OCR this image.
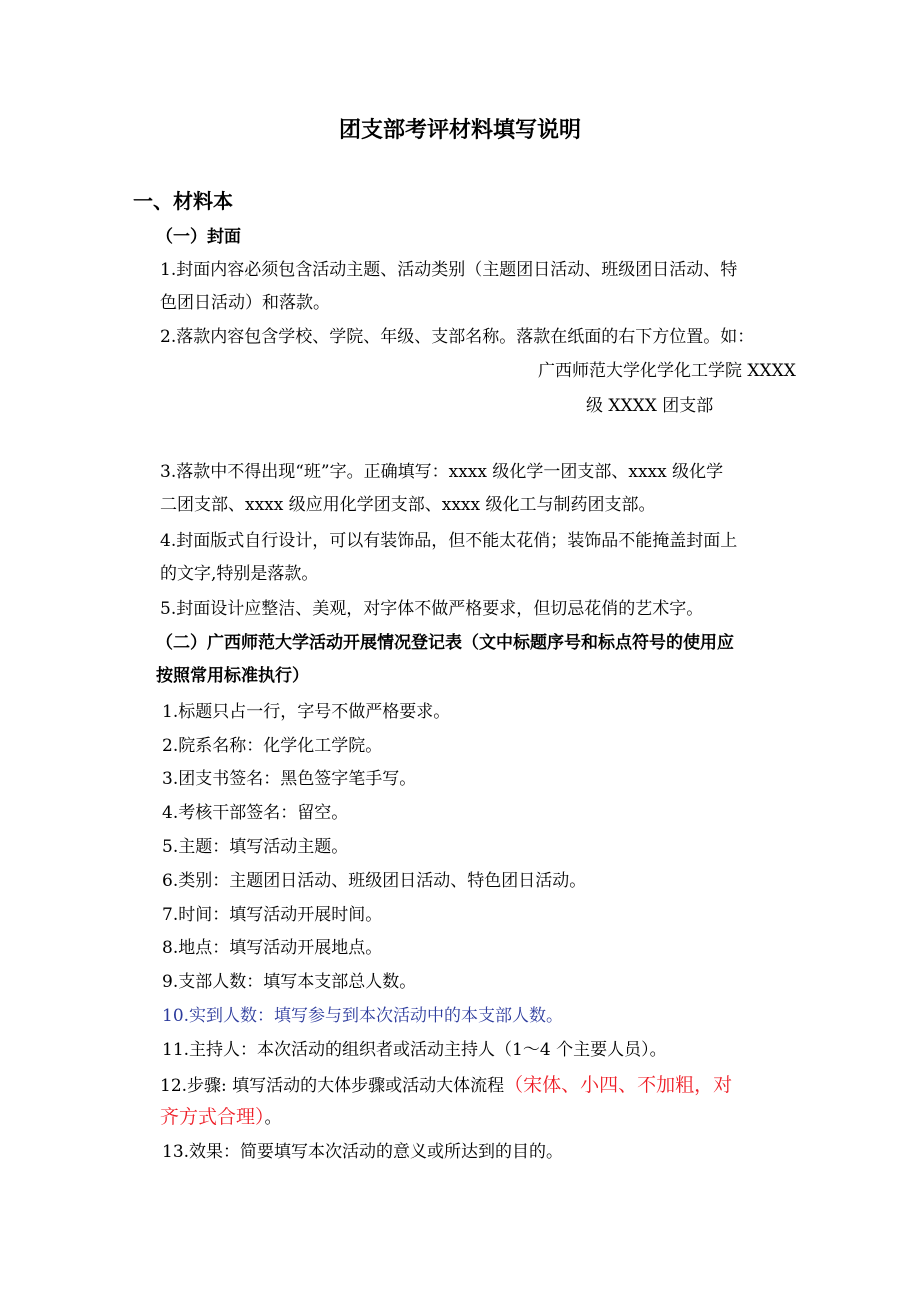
团支部考评材料填写说明
一、材料本

（一）封面

1.封面内容必须包含活动主题、活动类别（主题团日活动、班级团日活动、特

色团日活动）和落款。

2.落款内容包含学校、学院、年级、支部名称。落款在纸面的右下方位置。如：

广西师范大学化学化工学院 XXXX

级 XXXX 团支部

3.落款中不得出现“班”字。正确填写：xxxx 级化学一团支部、xxxx 级化学

二团支部、xxxx 级应用化学团支部、xxxx 级化工与制药团支部。

4.封面版式自行设计，可以有装饰品，但不能太花俏；装饰品不能掩盖封面上

的文字,特别是落款。

5.封面设计应整洁、美观，对字体不做严格要求，但切忌花俏的艺术字。

（二）广西师范大学活动开展情况登记表（文中标题序号和标点符号的使用应

按照常用标准执行）

1.标题只占一行，字号不做严格要求。

2.院系名称：化学化工学院。

3.团支书签名：黑色签字笔手写。

4.考核干部签名：留空。

5.主题：填写活动主题。

6.类别：主题团日活动、班级团日活动、特色团日活动。

7.时间：填写活动开展时间。

8.地点：填写活动开展地点。

9.支部人数：填写本支部总人数。

10.实到人数：填写参与到本次活动中的本支部人数。

11.主持人：本次活动的组织者或活动主持人（1～4 个主要人员）。

12.步骤: 填写活动的大体步骤或活动大体流程（宋体、小四、不加粗，对

齐方式合理）。

13.效果：简要填写本次活动的意义或所达到的目的。
